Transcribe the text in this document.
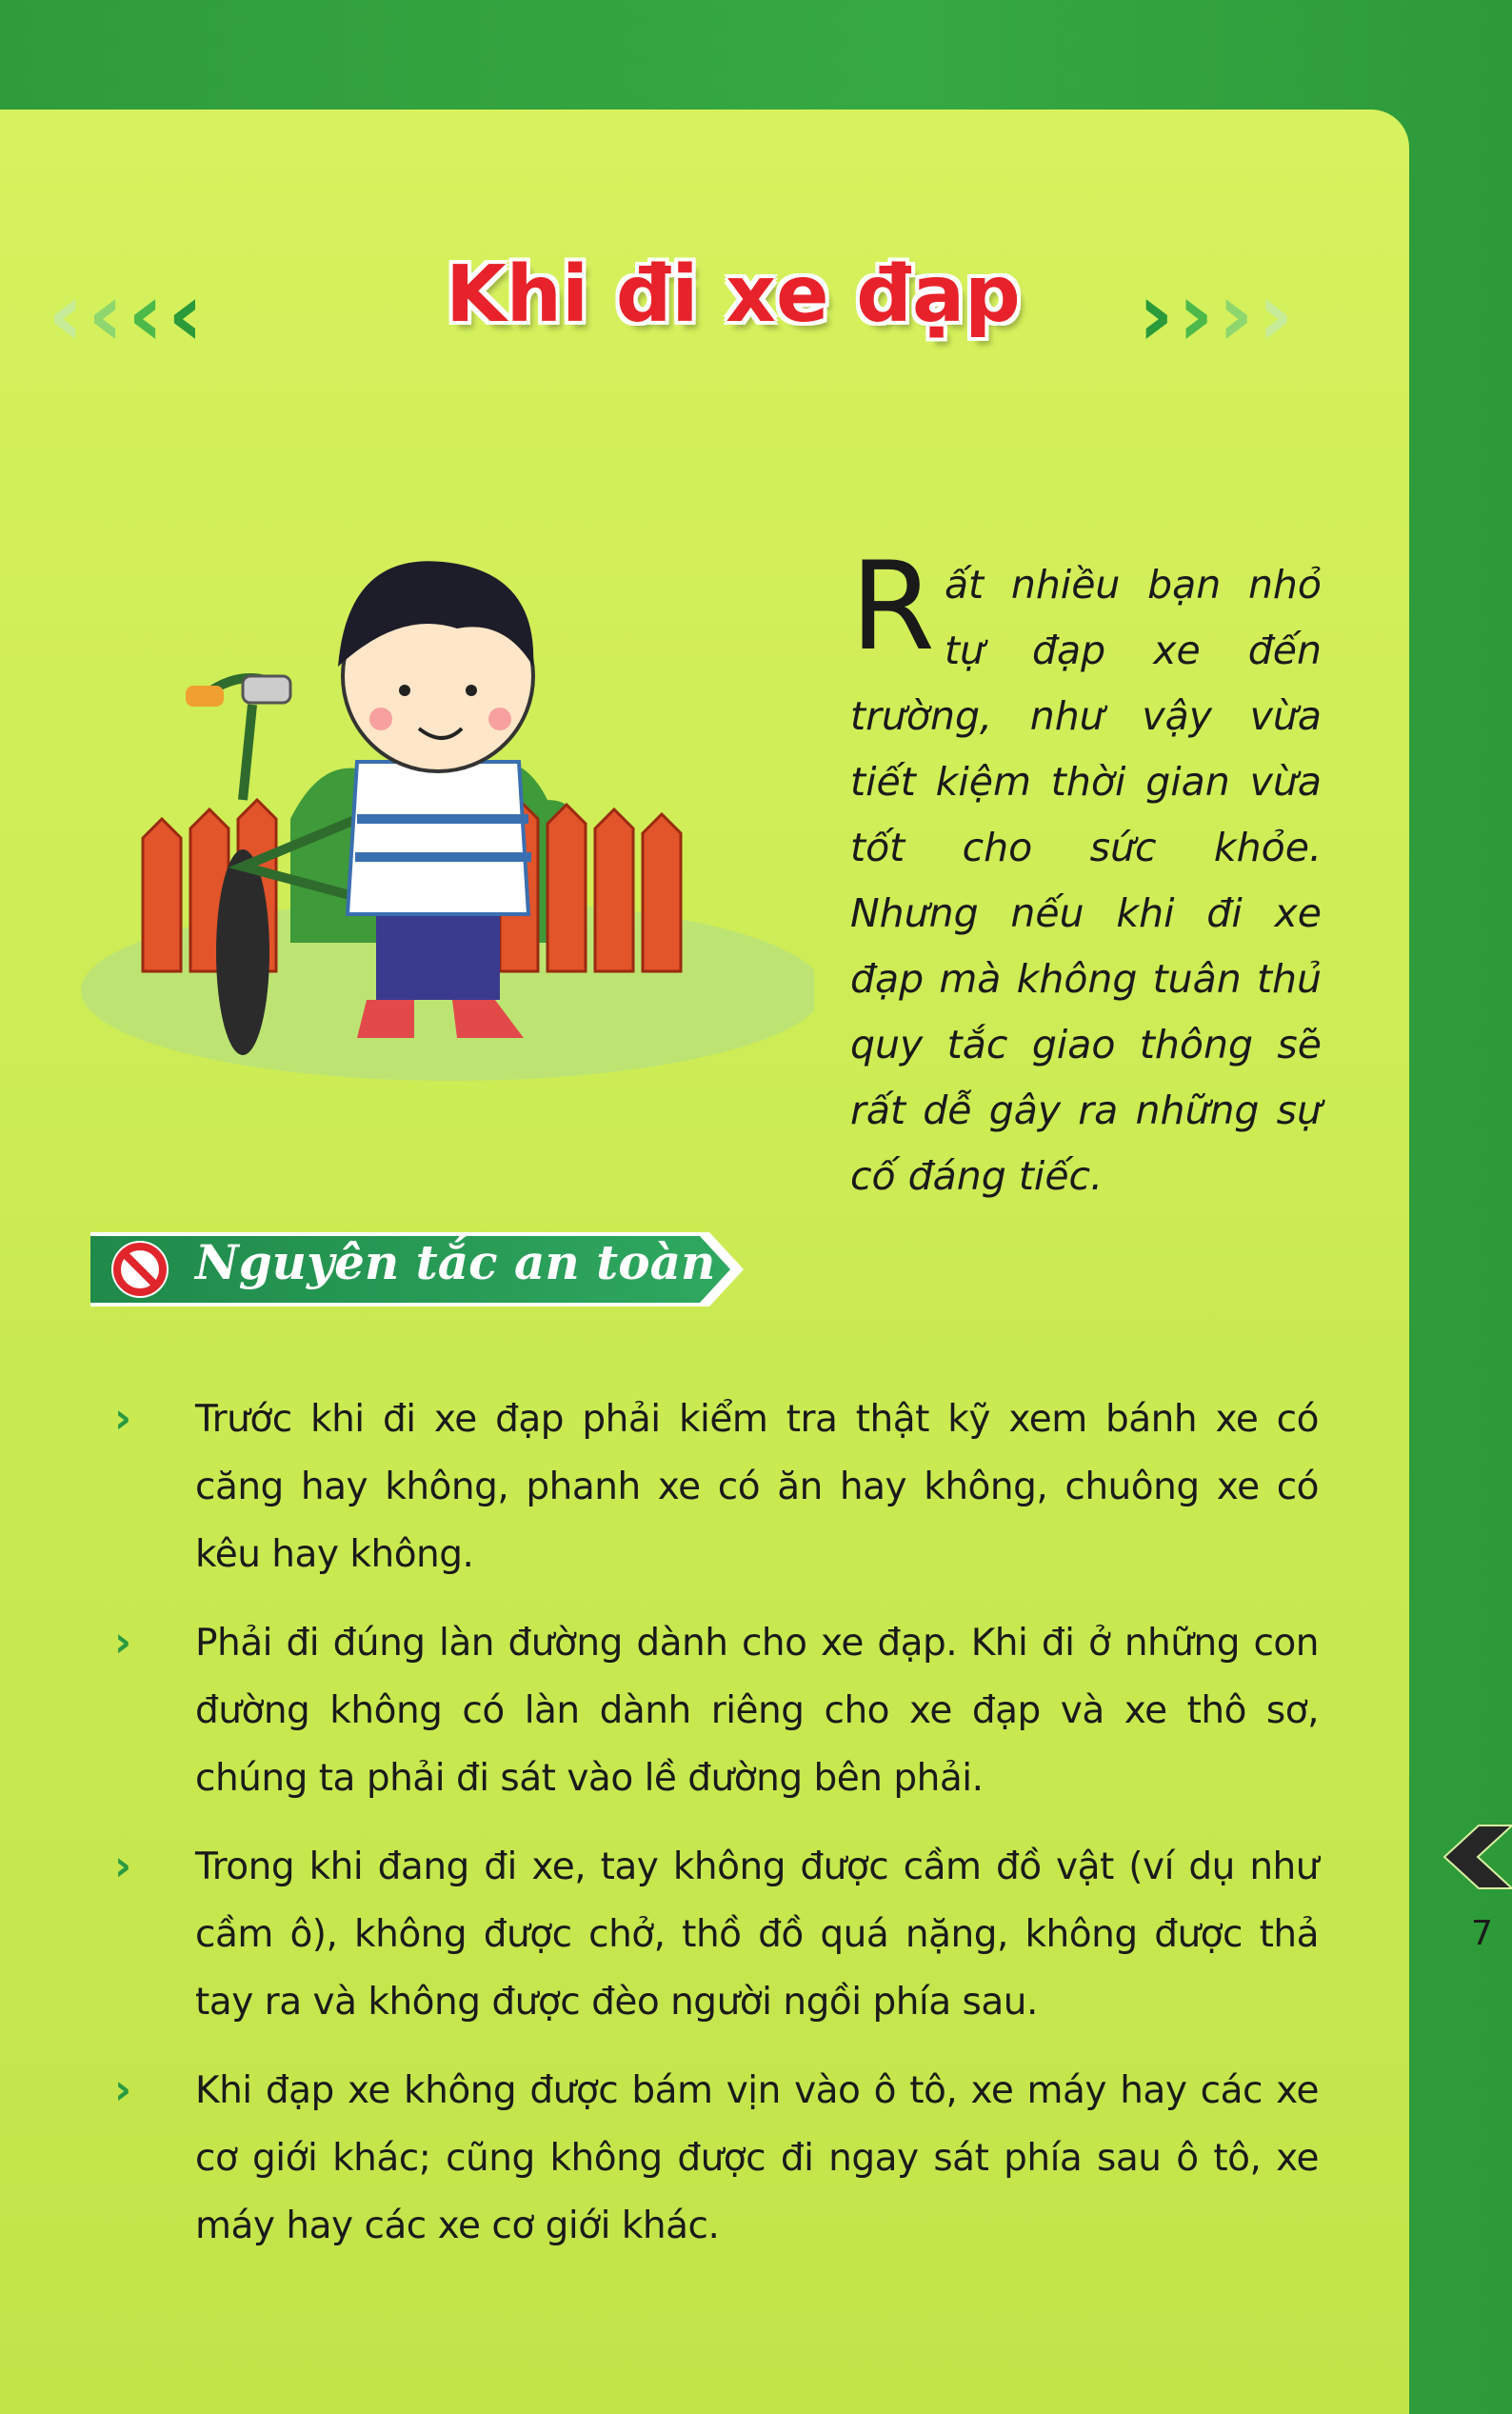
‹ ‹ ‹ ‹	Khi đi xe đạp	› › › ›
Rất nhiều bạn nhỏ tự đạp xe đến trường, như vậy vừa tiết kiệm thời gian vừa tốt cho sức khỏe. Nhưng nếu khi đi xe đạp mà không tuân thủ quy tắc giao thông sẽ rất dễ gây ra những sự cố đáng tiếc.
Nguyên tắc an toàn
›	Trước khi đi xe đạp phải kiểm tra thật kỹ xem bánh xe có căng hay không, phanh xe có ăn hay không, chuông xe có kêu hay không.
›	Phải đi đúng làn đường dành cho xe đạp. Khi đi ở những con đường không có làn dành riêng cho xe đạp và xe thô sơ, chúng ta phải đi sát vào lề đường bên phải.
›	Trong khi đang đi xe, tay không được cầm đồ vật (ví dụ như cầm ô), không được chở, thồ đồ quá nặng, không được thả tay ra và không được đèo người ngồi phía sau.
›	Khi đạp xe không được bám vịn vào ô tô, xe máy hay các xe cơ giới khác; cũng không được đi ngay sát phía sau ô tô, xe máy hay các xe cơ giới khác.
7
